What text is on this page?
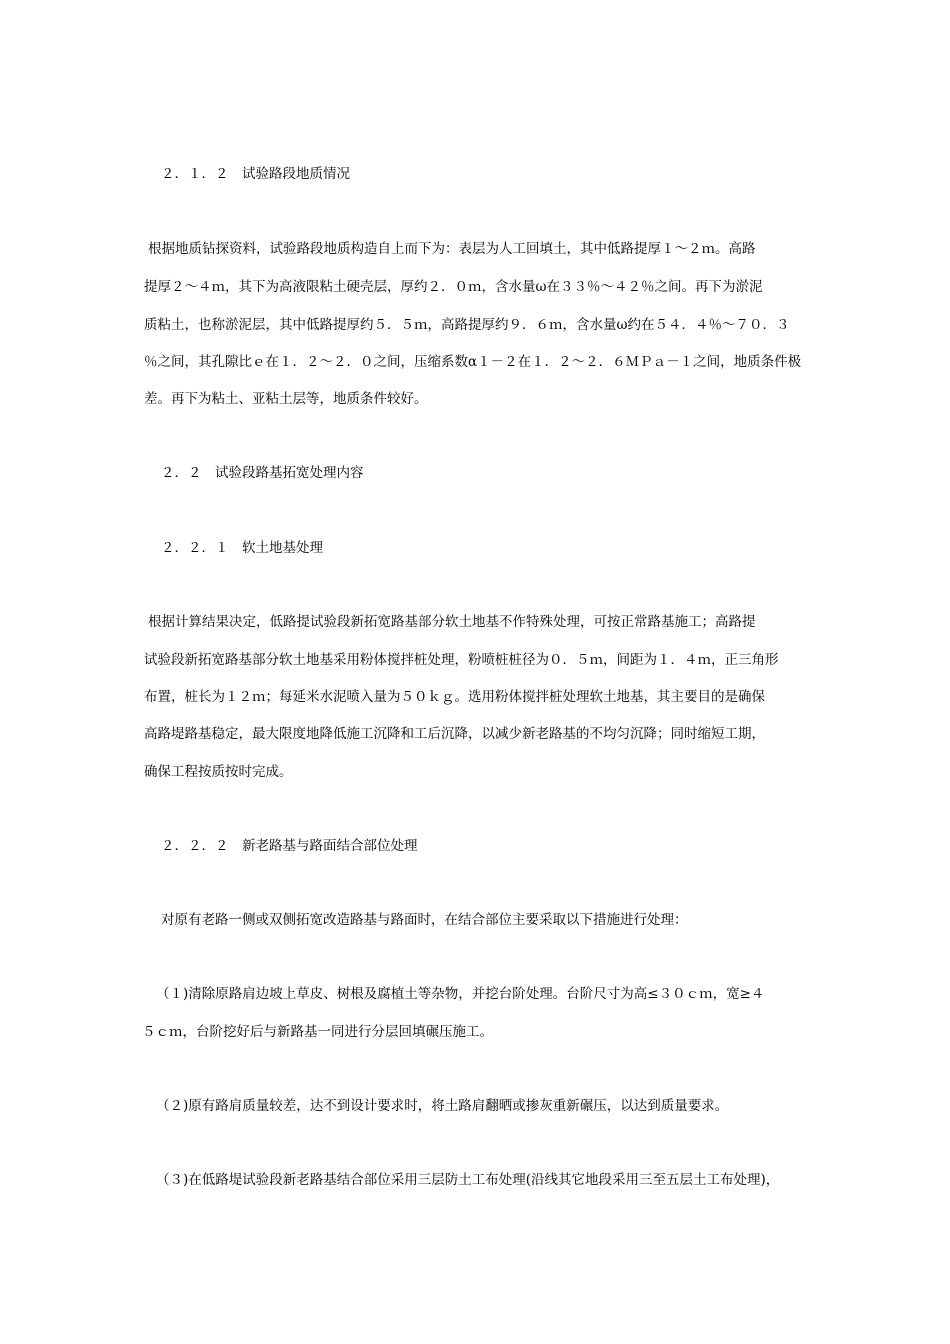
２．１．２　试验路段地质情况
根据地质钻探资料，试验路段地质构造自上而下为：表层为人工回填土，其中低路提厚１～２ｍ。高路
提厚２～４ｍ，其下为高液限粘土硬壳层，厚约２．０ｍ，含水量ω在３３％～４２％之间。再下为淤泥
质粘土，也称淤泥层，其中低路提厚约５．５ｍ，高路提厚约９．６ｍ，含水量ω约在５４．４％～７０．３
％之间，其孔隙比ｅ在１．２～２．０之间，压缩系数α１－２在１．２～２．６ＭＰａ－１之间，地质条件极
差。再下为粘土、亚粘土层等，地质条件较好。
２．２　试验段路基拓宽处理内容
２．２．１　软土地基处理
根据计算结果决定，低路提试验段新拓宽路基部分软土地基不作特殊处理，可按正常路基施工；高路提
试验段新拓宽路基部分软土地基采用粉体搅拌桩处理，粉喷桩桩径为０．５ｍ，间距为１．４ｍ，正三角形
布置，桩长为１２ｍ；每延米水泥喷入量为５０ｋｇ。选用粉体搅拌桩处理软土地基，其主要目的是确保
高路堤路基稳定，最大限度地降低施工沉降和工后沉降，以减少新老路基的不均匀沉降；同时缩短工期，
确保工程按质按时完成。
２．２．２　新老路基与路面结合部位处理
对原有老路一侧或双侧拓宽改造路基与路面时，在结合部位主要采取以下措施进行处理：
（１)清除原路肩边坡上草皮、树根及腐植土等杂物，并挖台阶处理。台阶尺寸为高≤３０ｃｍ，宽≥４
５ｃｍ，台阶挖好后与新路基一同进行分层回填碾压施工。
（２)原有路肩质量较差，达不到设计要求时，将土路肩翻晒或掺灰重新碾压，以达到质量要求。
（３)在低路堤试验段新老路基结合部位采用三层防土工布处理(沿线其它地段采用三至五层土工布处理)，
